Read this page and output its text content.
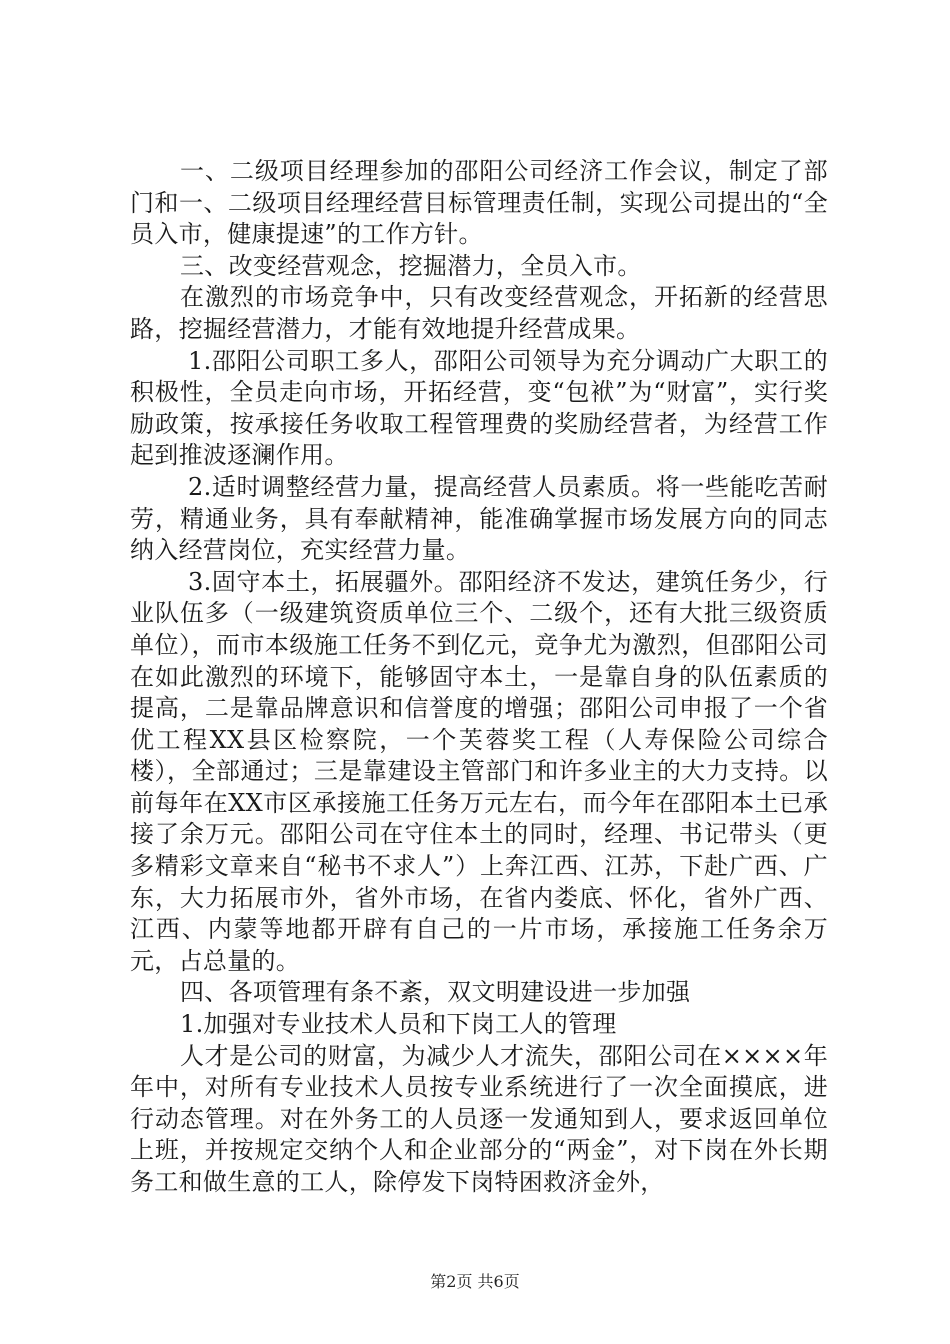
一、二级项目经理参加的邵阳公司经济工作会议，制定了部门和一、二级项目经理经营目标管理责任制，实现公司提出的“全员入市，健康提速”的工作方针。

三、改变经营观念，挖掘潜力，全员入市。

在激烈的市场竞争中，只有改变经营观念，开拓新的经营思路，挖掘经营潜力，才能有效地提升经营成果。

1.邵阳公司职工多人，邵阳公司领导为充分调动广大职工的积极性，全员走向市场，开拓经营，变“包袱”为“财富”，实行奖励政策，按承接任务收取工程管理费的奖励经营者，为经营工作起到推波逐澜作用。

2.适时调整经营力量，提高经营人员素质。将一些能吃苦耐劳，精通业务，具有奉献精神，能准确掌握市场发展方向的同志纳入经营岗位，充实经营力量。

3.固守本土，拓展疆外。邵阳经济不发达，建筑任务少，行业队伍多（一级建筑资质单位三个、二级个，还有大批三级资质单位），而市本级施工任务不到亿元，竞争尤为激烈，但邵阳公司在如此激烈的环境下，能够固守本土，一是靠自身的队伍素质的提高，二是靠品牌意识和信誉度的增强；邵阳公司申报了一个省优工程XX县区检察院，一个芙蓉奖工程（人寿保险公司综合楼），全部通过；三是靠建设主管部门和许多业主的大力支持。以前每年在XX市区承接施工任务万元左右，而今年在邵阳本土已承接了余万元。邵阳公司在守住本土的同时，经理、书记带头（更多精彩文章来自“秘书不求人”）上奔江西、江苏，下赴广西、广东，大力拓展市外，省外市场，在省内娄底、怀化，省外广西、江西、内蒙等地都开辟有自己的一片市场，承接施工任务余万元，占总量的。

四、各项管理有条不紊，双文明建设进一步加强

1.加强对专业技术人员和下岗工人的管理

人才是公司的财富，为减少人才流失，邵阳公司在××××年年中，对所有专业技术人员按专业系统进行了一次全面摸底，进行动态管理。对在外务工的人员逐一发通知到人，要求返回单位上班，并按规定交纳个人和企业部分的“两金”，对下岗在外长期务工和做生意的工人，除停发下岗特困救济金外，

第2页 共6页
